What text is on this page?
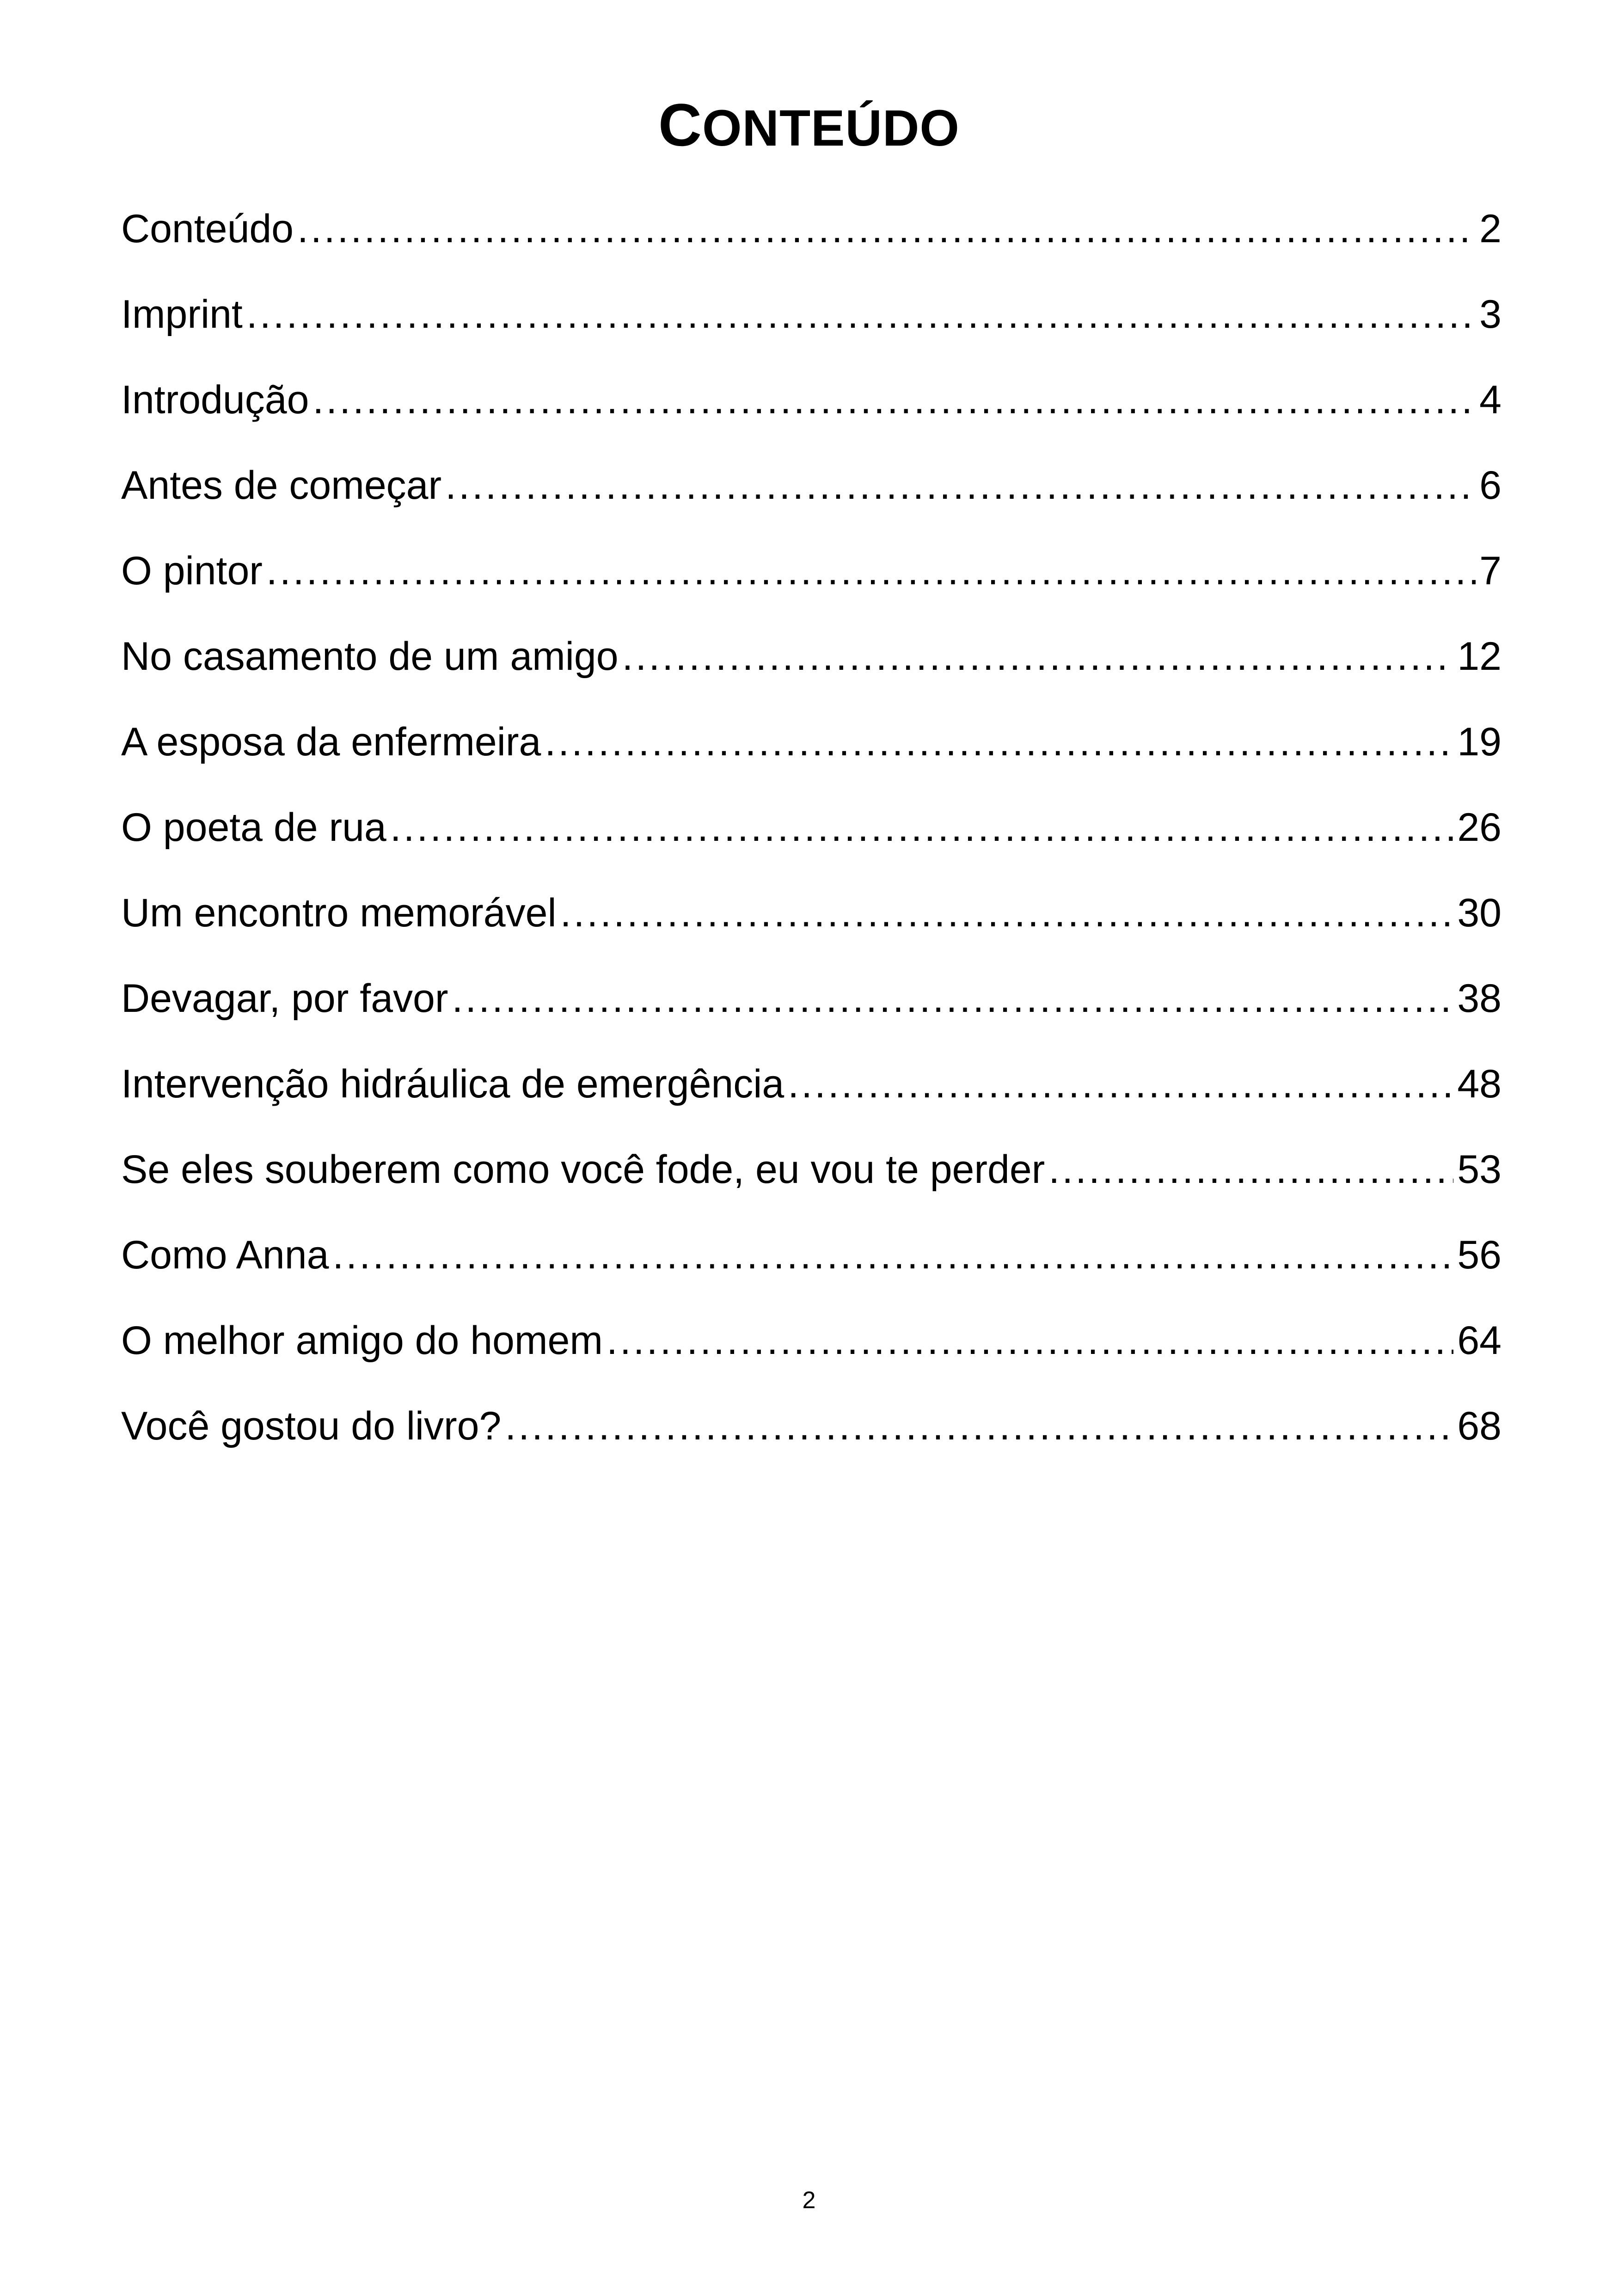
CONTEÚDO
Conteúdo .....	2
Imprint .....	3
Introdução .....	4
Antes de começar .....	6
O pintor .....	7
No casamento de um amigo .....	12
A esposa da enfermeira .....	19
O poeta de rua .....	26
Um encontro memorável .....	30
Devagar, por favor .....	38
Intervenção hidráulica de emergência .....	48
Se eles souberem como você fode, eu vou te perder .....	53
Como Anna .....	56
O melhor amigo do homem .....	64
Você gostou do livro? .....	68
2
